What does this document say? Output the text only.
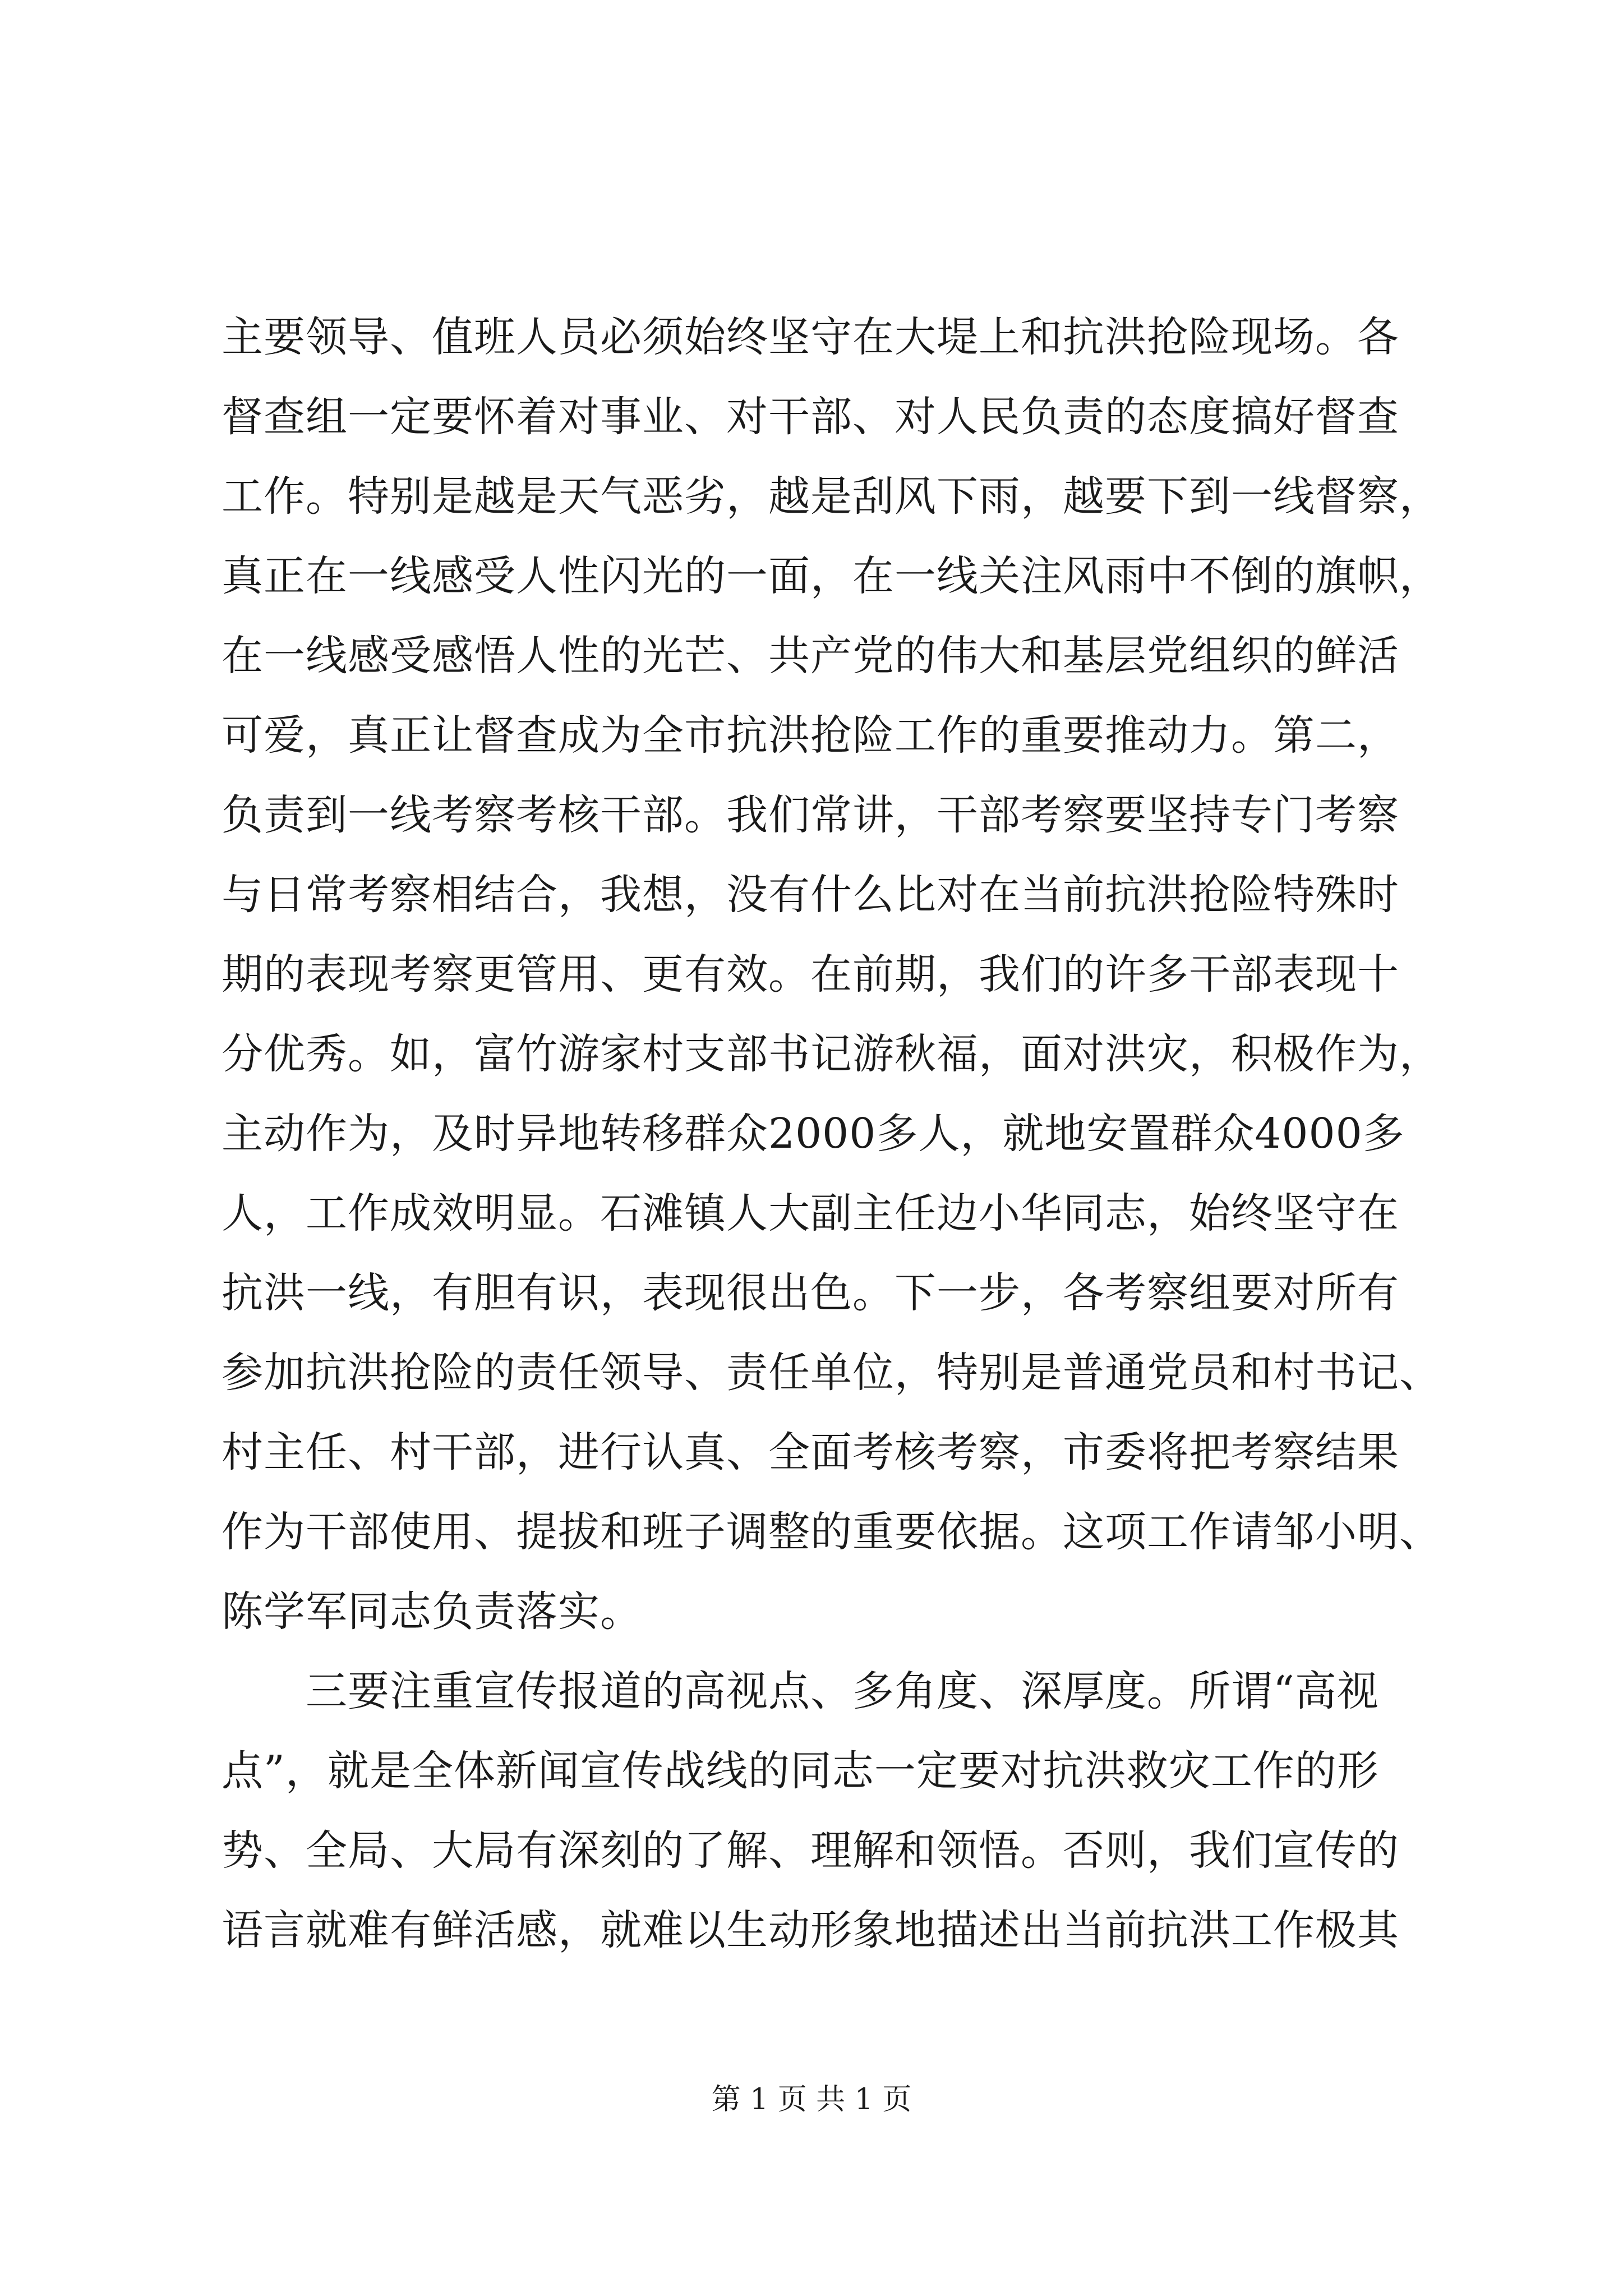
主要领导、值班人员必须始终坚守在大堤上和抗洪抢险现场。各
督查组一定要怀着对事业、对干部、对人民负责的态度搞好督查
工作。特别是越是天气恶劣，越是刮风下雨，越要下到一线督察，
真正在一线感受人性闪光的一面，在一线关注风雨中不倒的旗帜，
在一线感受感悟人性的光芒、共产党的伟大和基层党组织的鲜活
可爱，真正让督查成为全市抗洪抢险工作的重要推动力。第二，
负责到一线考察考核干部。我们常讲，干部考察要坚持专门考察
与日常考察相结合，我想，没有什么比对在当前抗洪抢险特殊时
期的表现考察更管用、更有效。在前期，我们的许多干部表现十
分优秀。如，富竹游家村支部书记游秋福，面对洪灾，积极作为，
主动作为，及时异地转移群众2000多人，就地安置群众4000多
人，工作成效明显。石滩镇人大副主任边小华同志，始终坚守在
抗洪一线，有胆有识，表现很出色。下一步，各考察组要对所有
参加抗洪抢险的责任领导、责任单位，特别是普通党员和村书记、
村主任、村干部，进行认真、全面考核考察，市委将把考察结果
作为干部使用、提拔和班子调整的重要依据。这项工作请邹小明、
陈学军同志负责落实。
三要注重宣传报道的高视点、多角度、深厚度。所谓“高视
点”，就是全体新闻宣传战线的同志一定要对抗洪救灾工作的形
势、全局、大局有深刻的了解、理解和领悟。否则，我们宣传的
语言就难有鲜活感，就难以生动形象地描述出当前抗洪工作极其
第 1 页 共 1 页
